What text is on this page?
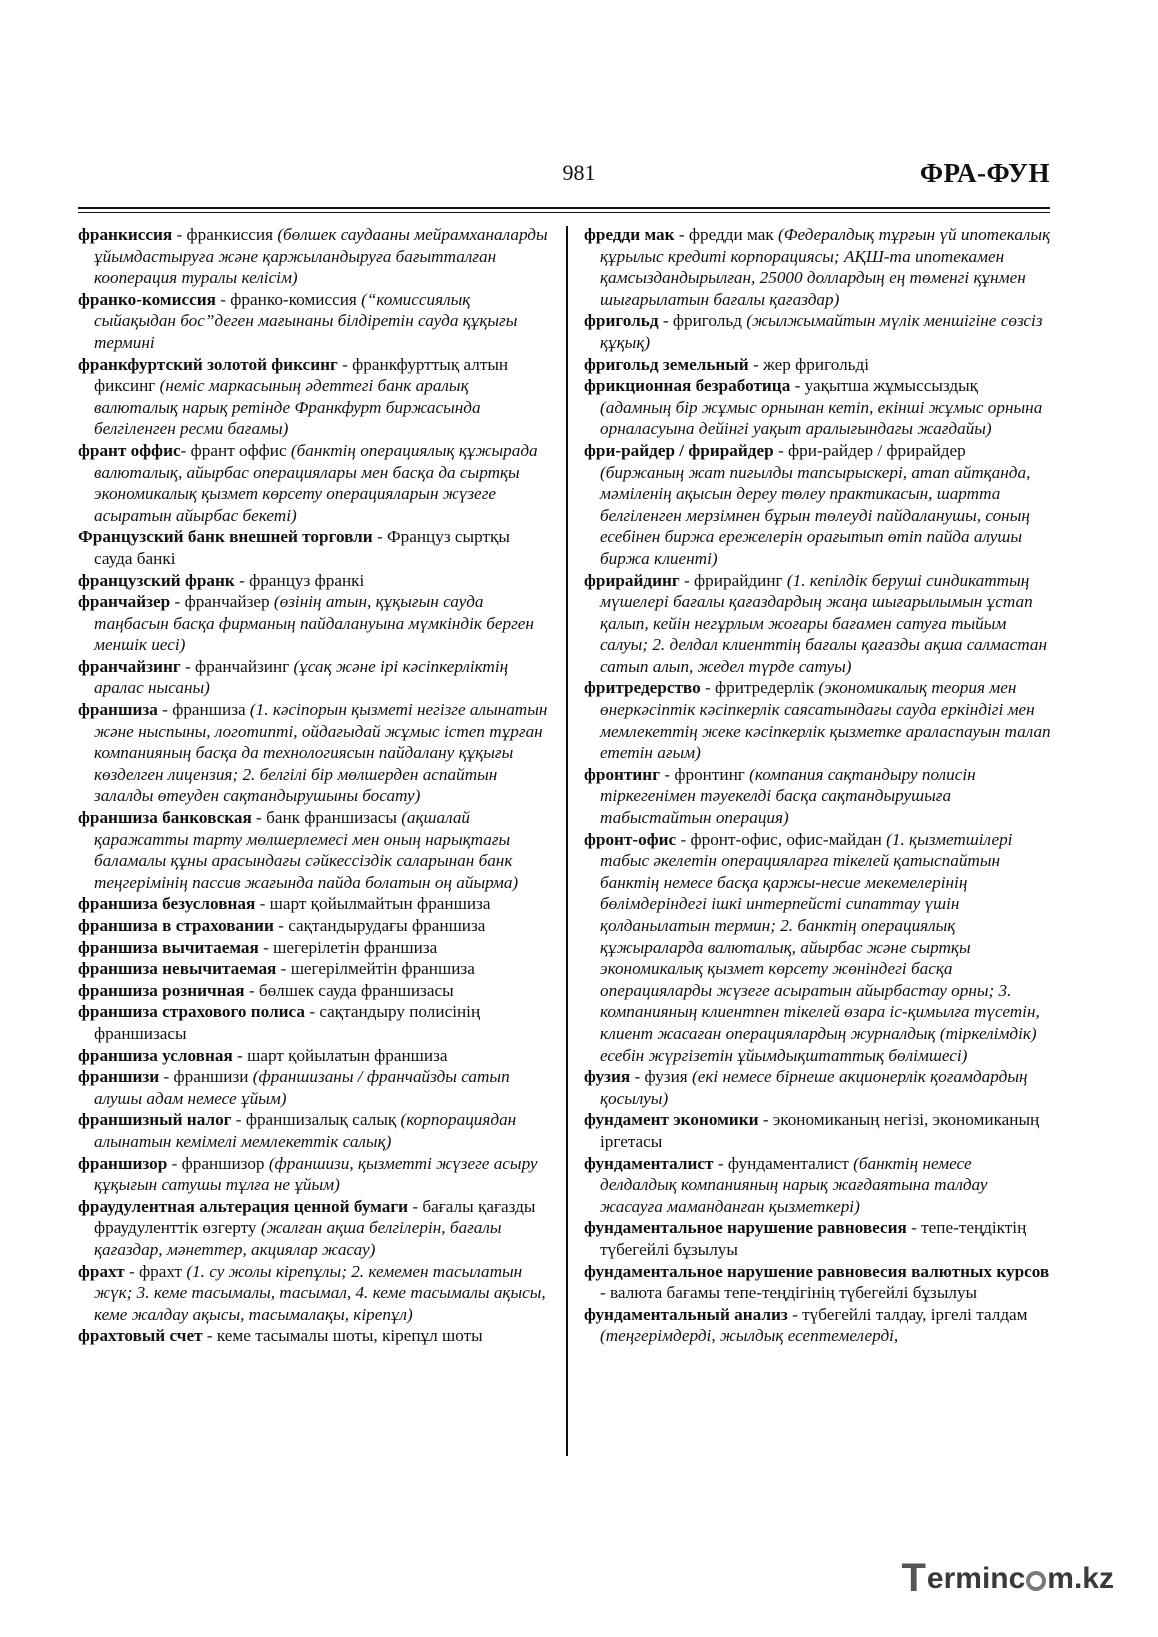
981	ФРА-ФУН

франкиссия - франкиссия (бөлшек саудаaны мейрамханаларды ұйымдастыруға және қаржыландыруға бағытталған кооперация туралы келісім)

франко-комиссия - франко-комиссия (“комиссиялық сыйақыдан бос”деген мағынаны білдіретін сауда құқығы термині

франкфуртский золотой фиксинг - франкфурттық алтын фиксинг (неміс маркасының әдеттегі банк аралық валюталық нарық ретінде Франкфурт биржасында белгіленген ресми бағамы)

франт оффис- франт оффис (банктің операциялық құжырада валюталық, айырбас операциялары мен басқа да сыртқы экономикалық қызмет көрсету операцияларын жүзеге асыратын айырбас бекеті)

Французский банк внешней торговли - Француз сыртқы сауда банкі

французский франк - француз франкі

франчайзер - франчайзер (өзінің атын, құқығын сауда таңбасын басқа фирманың пайдалануына мүмкіндік берген меншік иесі)

франчайзинг - франчайзинг (ұсақ және ірі кәсіпкерліктің аралас нысаны)

франшиза - франшиза (1. кәсіпорын қызметі негізге алынатын және ныспыны, логотипті, ойдағыдай жұмыс істеп тұрған компанияның басқа да технологиясын пайдалану құқығы көзделген лицензия; 2. белгілі бір мөлшерден аспайтын залалды өтеуден сақтандырушыны босату)

франшиза банковская - банк франшизасы (ақшалай қаражатты тарту мөлшерлемесі мен оның нарықтағы баламалы құны арасындағы сәйкессіздік саларынан банк теңгерімінің пассив жағында пайда болатын оң айырма)

франшиза безусловная - шарт қойылмайтын франшиза

франшиза в страховании - сақтандырудағы франшиза

франшиза вычитаемая - шегерілетін франшиза

франшиза невычитаемая - шегерілмейтін франшиза

франшиза розничная - бөлшек сауда франшизасы

франшиза страхового полиса - сақтандыру полисінің франшизасы

франшиза условная - шарт қойылатын франшиза

франшизи - франшизи (франшизаны / франчайзды сатып алушы адам немесе ұйым)

франшизный налог - франшизалық салық (корпорациядан алынатын кемімелі мемлекеттік салық)

франшизор - франшизор (франшизи, қызметті жүзеге асыру құқығын сатушы тұлға не ұйым)

фраудулентная альтерация ценной бумаги - бағалы қағазды фраудуленттік өзгерту (жалған ақша белгілерін, бағалы қағаздар, мәнеттер, акциялар жасау)

фрахт - фрахт (1. су жолы кірепұлы; 2. кемемен тасылатын жүк; 3. кеме тасымалы, тасымал, 4. кеме тасымалы ақысы, кеме жалдау ақысы, тасымалақы, кірепұл)

фрахтовый счет - кеме тасымалы шоты, кірепұл шоты

фредди мак - фредди мак (Федералдық тұрғын үй ипотекалық құрылыс кредиті корпорациясы; АҚШ-та ипотекамен қамсыздандырылған, 25000 доллардың ең төменгі құнмен шығарылатын бағалы қағаздар)

фригольд - фригольд (жылжымайтын мүлік меншігіне сөзсіз құқық)

фригольд земельный - жер фригольді

фрикционная безработица - уақытша жұмыссыздық (адамның бір жұмыс орнынан кетіп, екінші жұмыс орнына орналасуына дейінгі уақыт аралығындағы жағдайы)

фри-райдер / фрирайдер - фри-райдер / фрирайдер (биржаның жат пиғылды тапсырыскері, атап айтқанда, мәміленің ақысын дереу төлеу практикасын, шартта белгіленген мерзімнен бұрын төлеуді пайдаланушы, соның есебінен биржа ережелерін орағытып өтіп пайда алушы биржа клиенті)

фрирайдинг - фрирайдинг (1. кепілдік беруші синдикаттың мүшелері бағалы қағаздардың жаңа шығарылымын ұстап қалып, кейін негұрлым жоғары бағамен сатуға тыйым салуы; 2. делдал клиенттің бағалы қағазды ақша салмастан сатып алып, жедел түрде сатуы)

фритредерство - фритредерлік (экономикалық теория мен өнеркәсіптік кәсіпкерлік саясатындағы сауда еркіндігі мен мемлекеттің жеке кәсіпкерлік қызметке араласпауын талап ететін ағым)

фронтинг - фронтинг (компания сақтандыру полисін тіркегенімен тәуекелді басқа сақтандырушыға табыстайтын операция)

фронт-офис - фронт-офис, офис-майдан (1. қызметшілері табыс әкелетін операцияларға тікелей қатыспайтын банктің немесе басқа қаржы-несие мекемелерінің бөлімдеріндегі ішкі интерпейсті сипаттау үшін қолданылатын термин; 2. банктің операциялық құжыраларда валюталық, айырбас және сыртқы экономикалық қызмет көрсету жөніндегі басқа операцияларды жүзеге асыратын айырбастау орны; 3. компанияның клиентпен тікелей өзара іс-қимылға түсетін, клиент жасаған операциялардың журналдық (тіркелімдік) есебін жүргізетін ұйымдықштаттық бөлімшесі)

фузия - фузия (екі немесе бірнеше акционерлік қоғамдардың қосылуы)

фундамент экономики - экономиканың негізі, экономиканың іргетасы

фундаменталист - фундаменталист (банктің немесе делдалдық компанияның нарық жағдаятына талдау жасауға маманданған қызметкері)

фундаментальное нарушение равновесия - тепе-теңдіктің түбегейлі бұзылуы

фундаментальное нарушение равновесия валютных курсов - валюта бағамы тепе-теңдігінің түбегейлі бұзылуы

фундаментальный анализ - түбегейлі талдау, іргелі талдам (теңгерімдерді, жылдық есептемелерді,

T erminc m.kz
